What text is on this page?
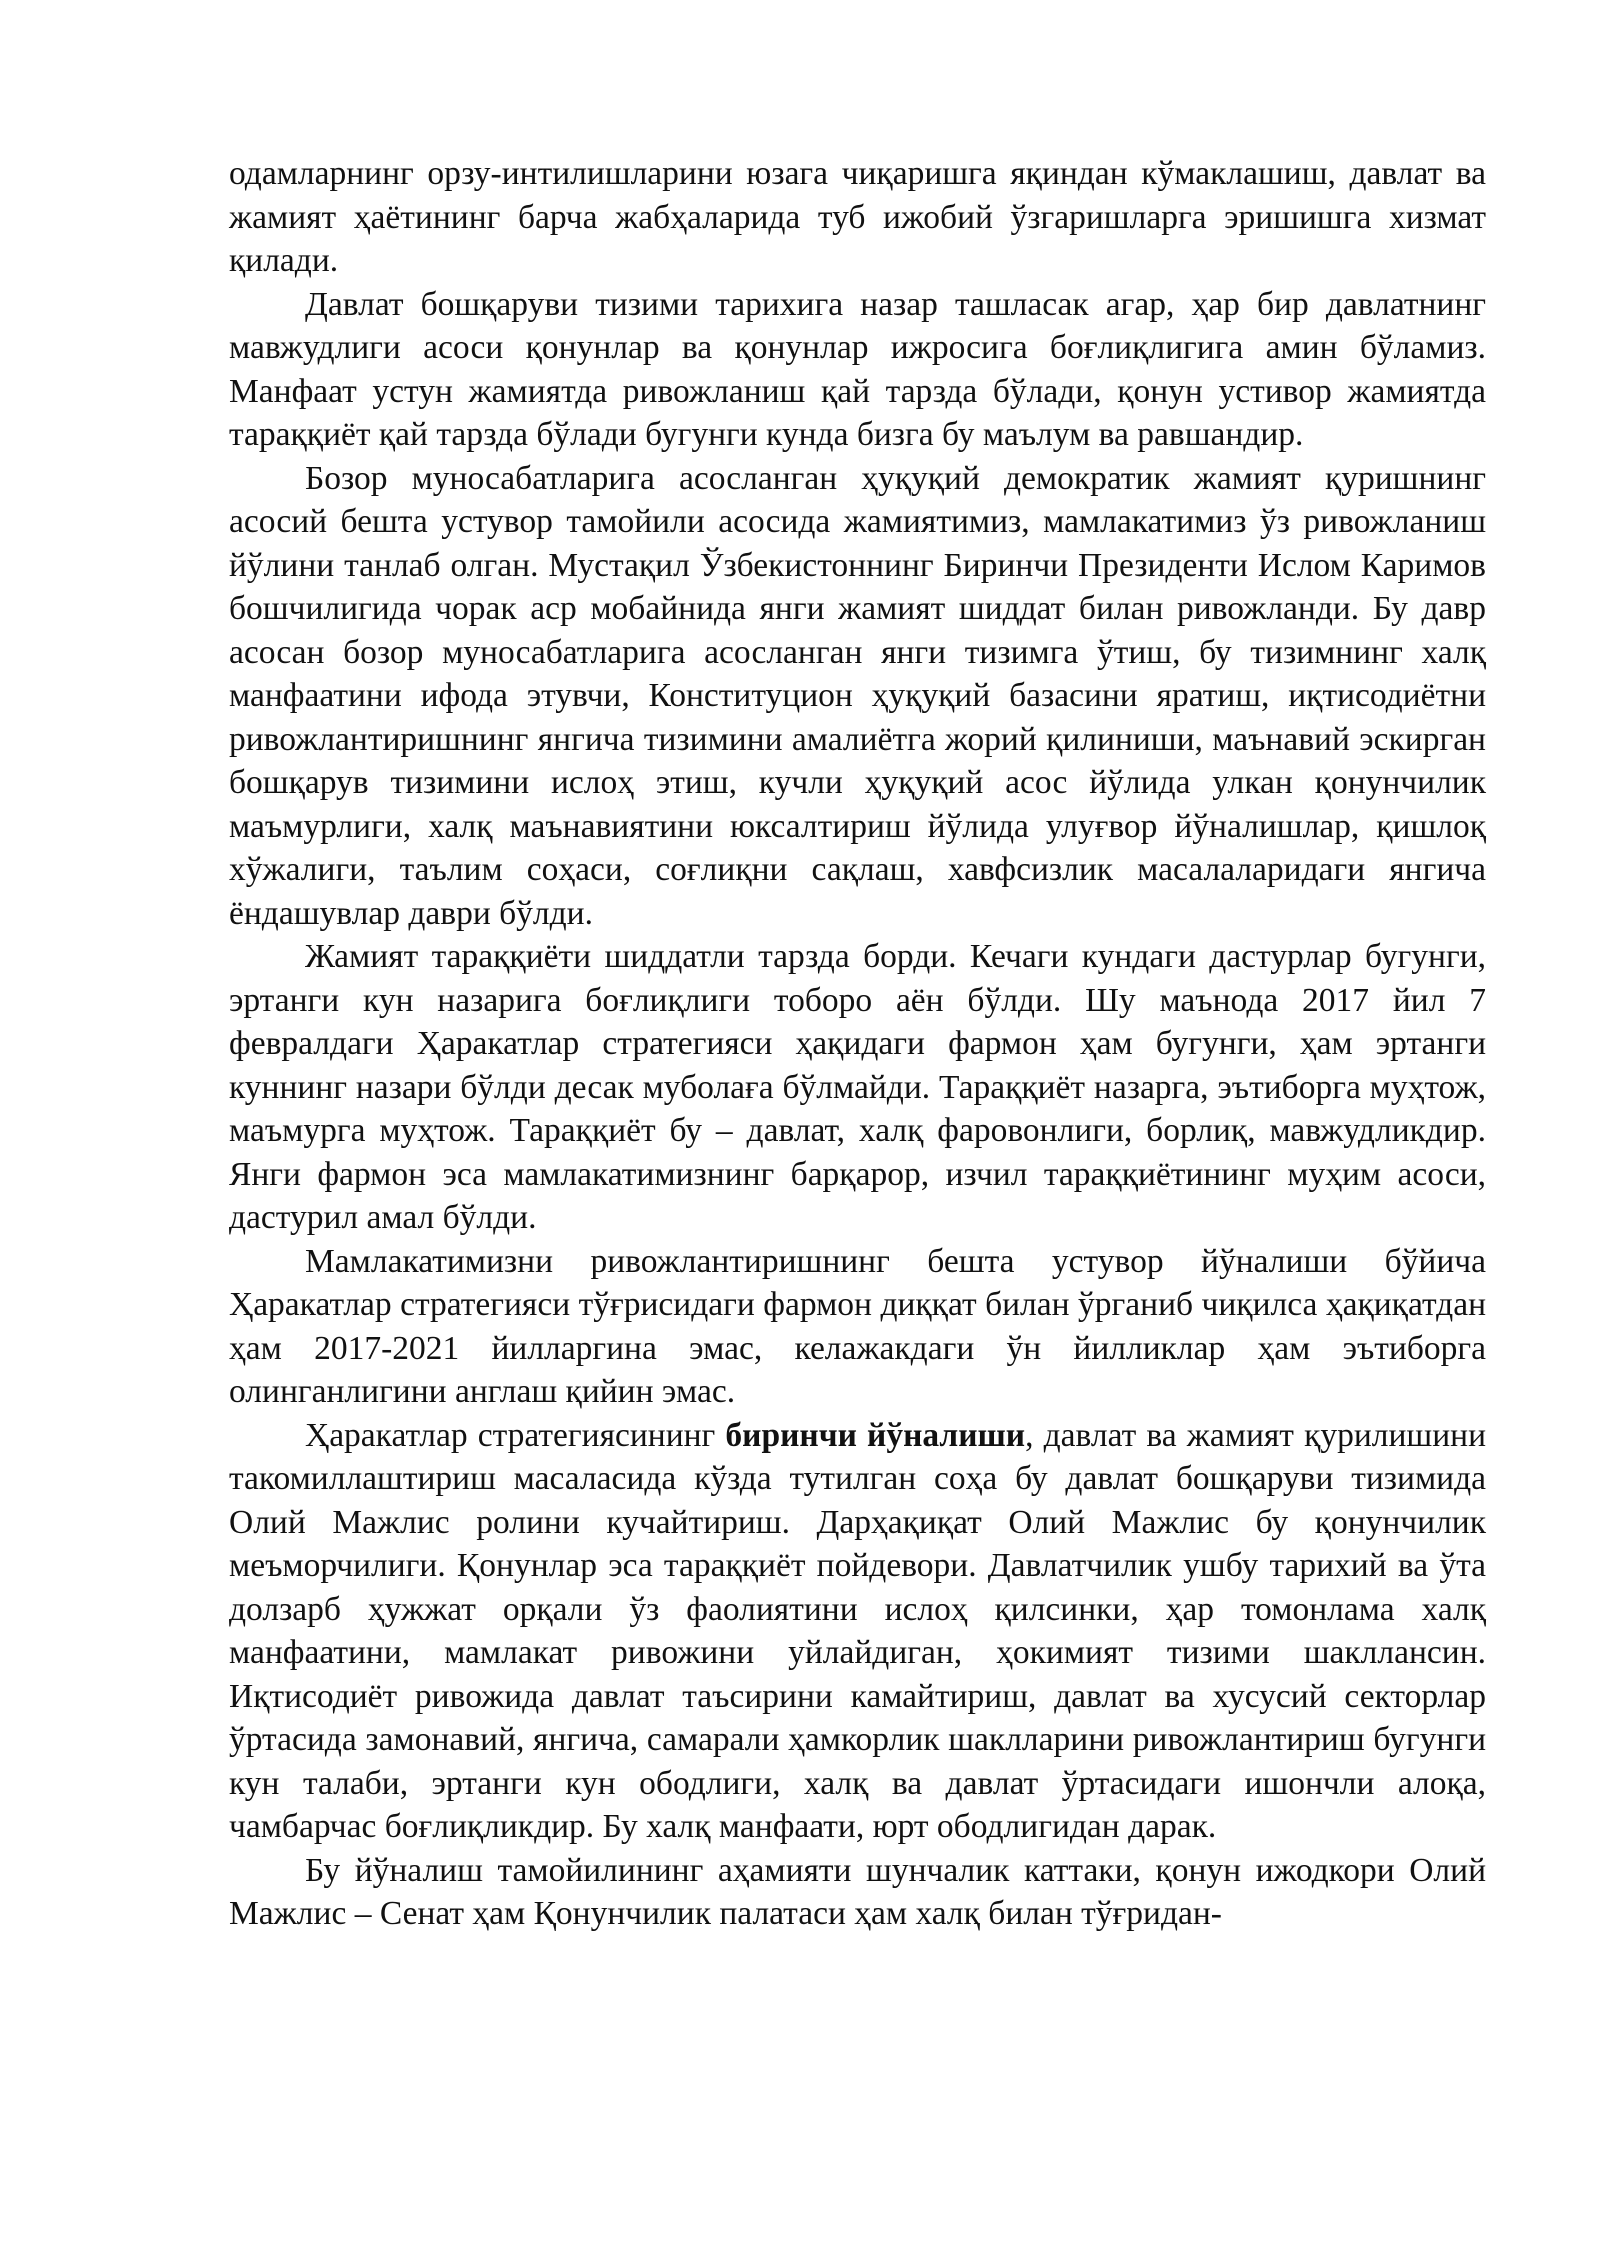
одамларнинг орзу-интилишларини юзага чиқаришга яқиндан кўмаклашиш, давлат ва жамият ҳаётининг барча жабҳаларида туб ижобий ўзгаришларга эришишга хизмат қилади.

Давлат бошқаруви тизими тарихига назар ташласак агар, ҳар бир давлатнинг мавжудлиги асоси қонунлар ва қонунлар ижросига боғлиқлигига амин бўламиз. Манфаат устун жамиятда ривожланиш қай тарзда бўлади, қонун устивор жамиятда тараққиёт қай тарзда бўлади бугунги кунда бизга бу маълум ва равшандир.

Бозор муносабатларига асосланган ҳуқуқий демократик жамият қуришнинг асосий бешта устувор тамойили асосида жамиятимиз, мамлакатимиз ўз ривожланиш йўлини танлаб олган. Мустақил Ўзбекистоннинг Биринчи Президенти Ислом Каримов бошчилигида чорак аср мобайнида янги жамият шиддат билан ривожланди. Бу давр асосан бозор муносабатларига асосланган янги тизимга ўтиш, бу тизимнинг халқ манфаатини ифода этувчи, Конституцион ҳуқуқий базасини яратиш, иқтисодиётни ривожлантиришнинг янгича тизимини амалиётга жорий қилиниши, маънавий эскирган бошқарув тизимини ислоҳ этиш, кучли ҳуқуқий асос йўлида улкан қонунчилик маъмурлиги, халқ маънавиятини юксалтириш йўлида улуғвор йўналишлар, қишлоқ хўжалиги, таълим соҳаси, соғлиқни сақлаш, хавфсизлик масалаларидаги янгича ёндашувлар даври бўлди.

Жамият тараққиёти шиддатли тарзда борди. Кечаги кундаги дастурлар бугунги, эртанги кун назарига боғлиқлиги тобоpo аён бўлди. Шу маънода 2017 йил 7 февралдаги Ҳаракатлар стратегияси ҳақидаги фармон ҳам бугунги, ҳам эртанги куннинг назари бўлди десак муболаға бўлмайди. Тараққиёт назарга, эътиборга муҳтож, маъмурга муҳтож. Тараққиёт бу – давлат, халқ фаровонлиги, борлиқ, мавжудликдир. Янги фармон эса мамлакатимизнинг барқарор, изчил тараққиётининг муҳим асоси, дастурил амал бўлди.

Мамлакатимизни ривожлантиришнинг бешта устувор йўналиши бўйича Ҳаракатлар стратегияси тўғрисидаги фармон диққат билан ўрганиб чиқилса ҳақиқатдан ҳам 2017-2021 йилларгина эмас, келажакдаги ўн йилликлар ҳам эътиборга олинганлигини англаш қийин эмас.

Ҳаракатлар стратегиясининг биринчи йўналиши, давлат ва жамият қурилишини такомиллаштириш масаласида кўзда тутилган соҳа бу давлат бошқаруви тизимида Олий Мажлис ролини кучайтириш. Дарҳақиқат Олий Мажлис бу қонунчилик меъморчилиги. Қонунлар эса тараққиёт пойдевори. Давлатчилик ушбу тарихий ва ўта долзарб ҳужжат орқали ўз фаолиятини ислоҳ қилсинки, ҳар томонлама халқ манфаатини, мамлакат ривожини уйлайдиган, ҳокимият тизими шакллансин. Иқтисодиёт ривожида давлат таъсирини камайтириш, давлат ва хусусий секторлар ўртасида замонавий, янгича, самарали ҳамкорлик шаклларини ривожлантириш бугунги кун талаби, эртанги кун ободлиги, халқ ва давлат ўртасидаги ишончли алоқа, чамбарчас боғлиқликдир. Бу халқ манфаати, юрт ободлигидан дарак.

Бу йўналиш тамойилининг аҳамияти шунчалик каттаки, қонун ижодкори Олий Мажлис – Сенат ҳам Қонунчилик палатаси ҳам халқ билан тўғридан-
